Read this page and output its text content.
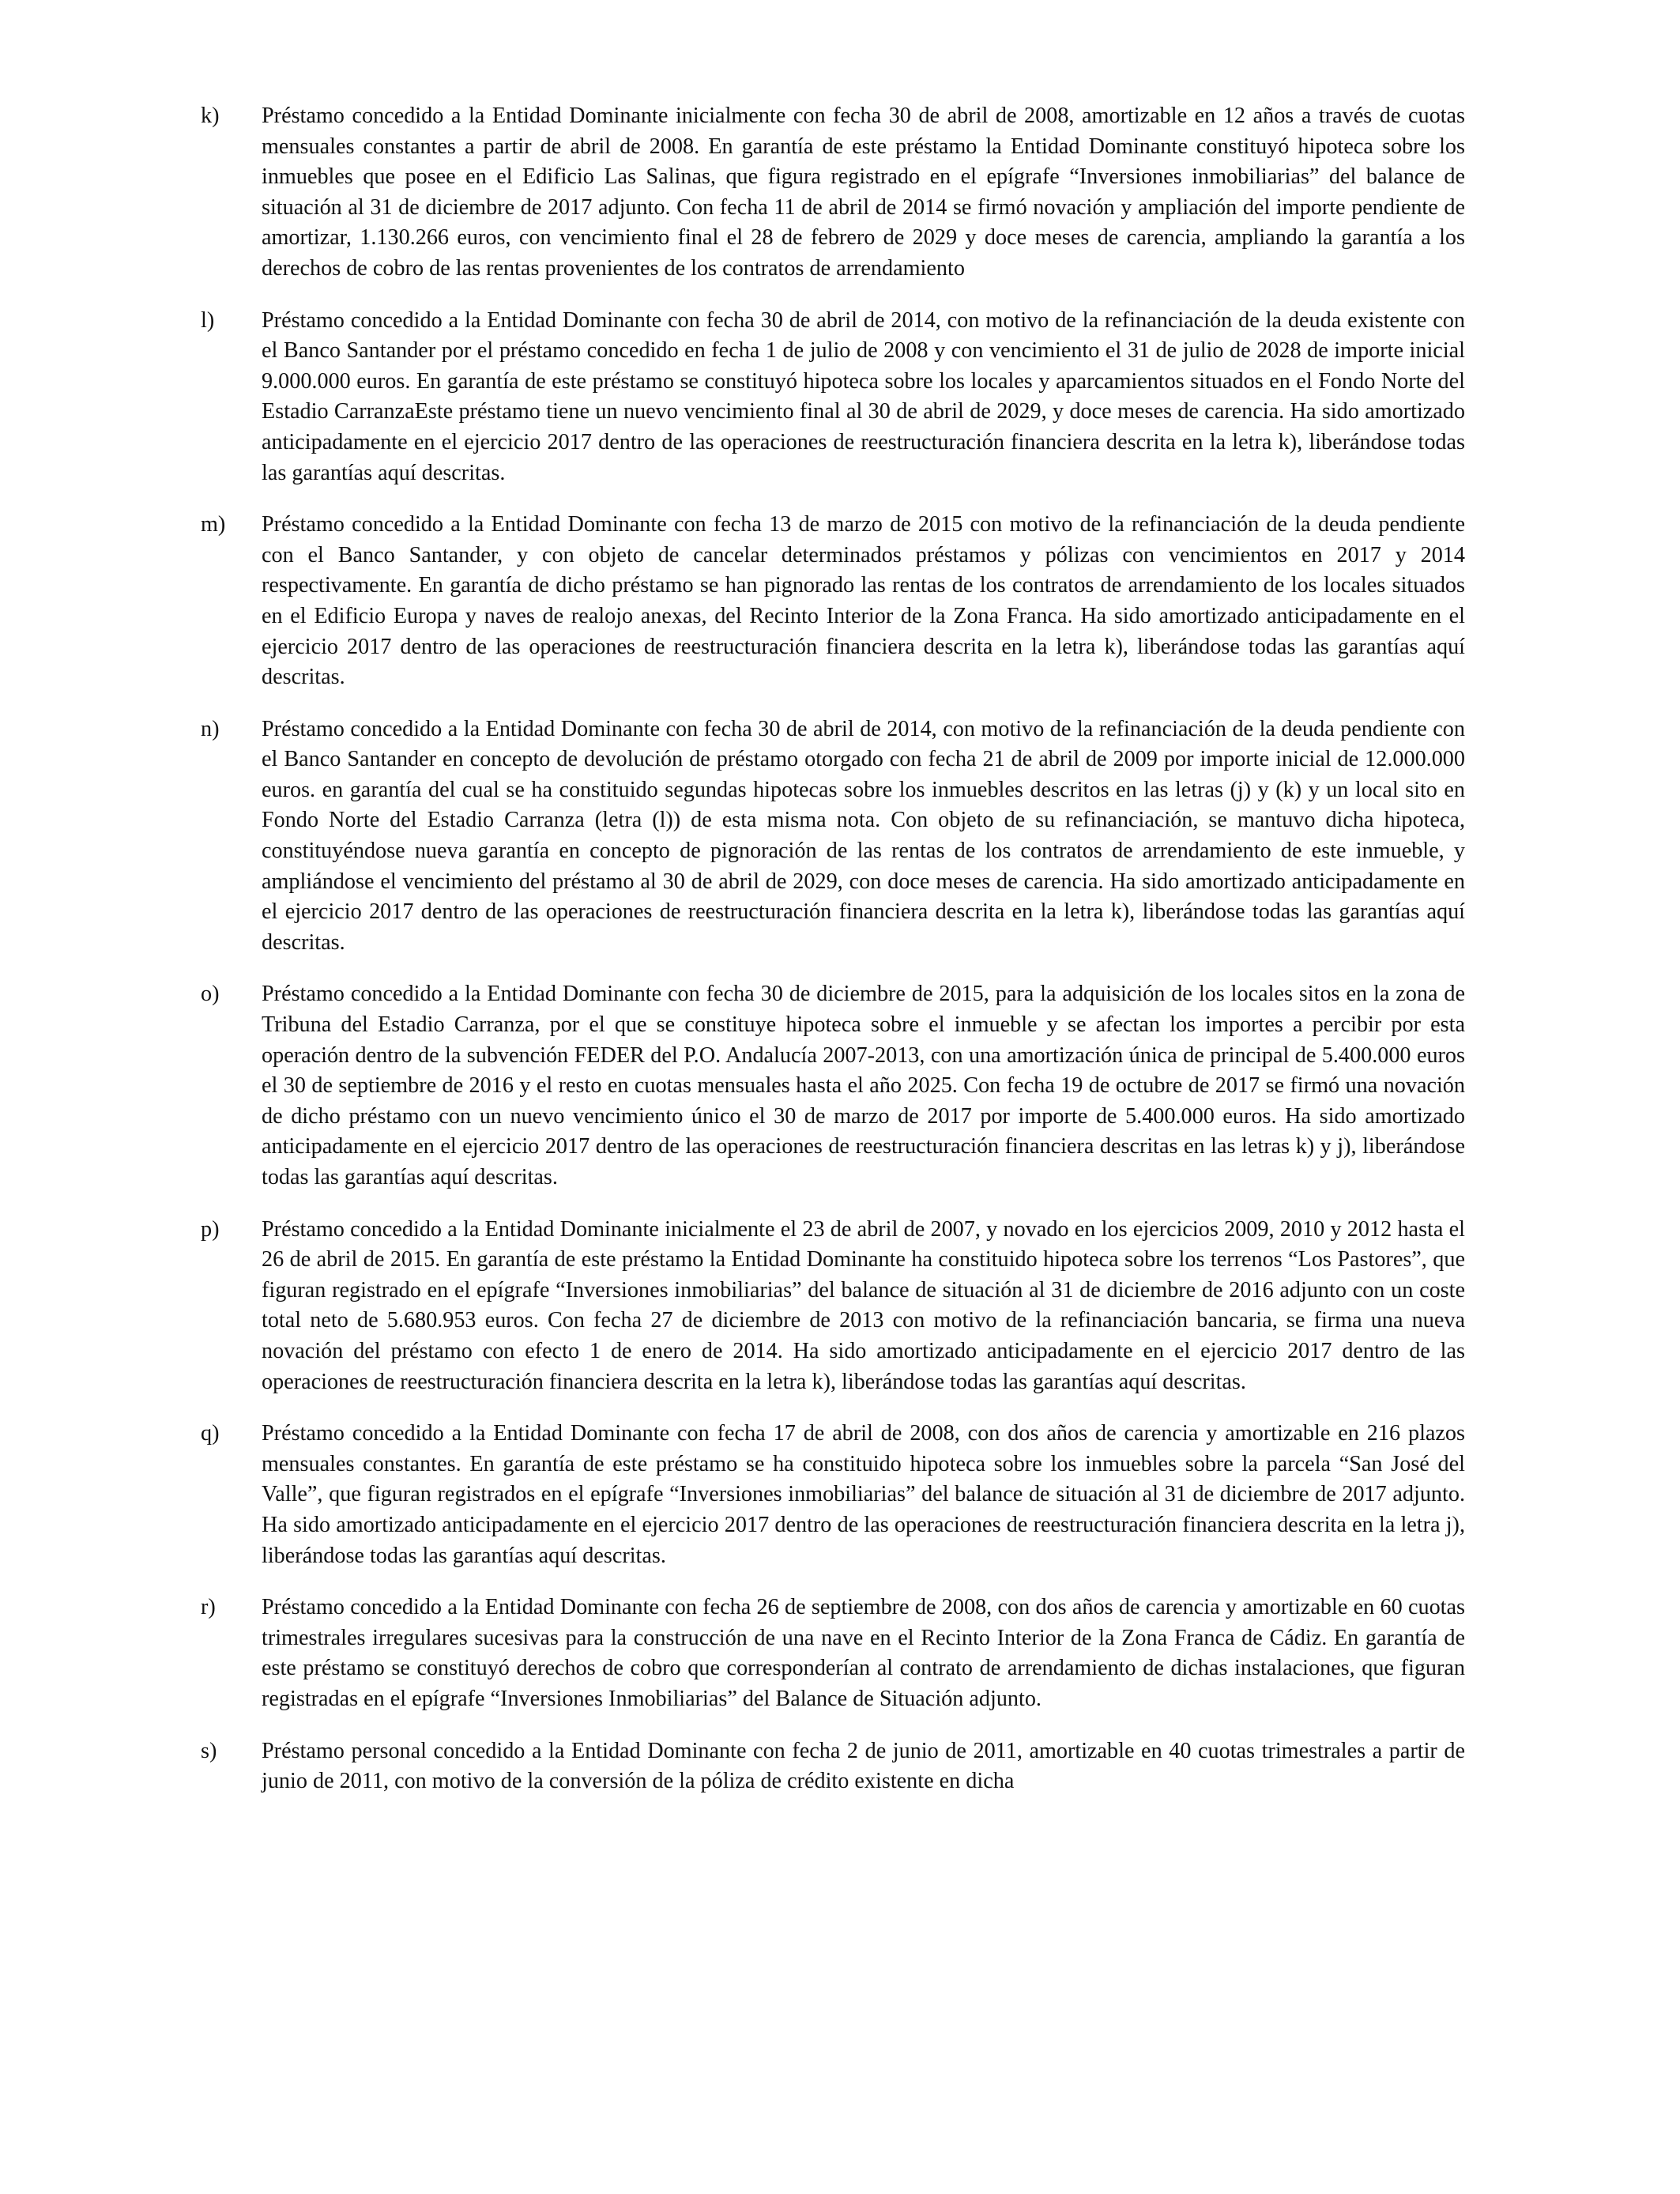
k)	Préstamo concedido a la Entidad Dominante inicialmente con fecha 30 de abril de 2008, amortizable en 12 años a través de cuotas mensuales constantes a partir de abril de 2008. En garantía de este préstamo la Entidad Dominante constituyó hipoteca sobre los inmuebles que posee en el Edificio Las Salinas, que figura registrado en el epígrafe “Inversiones inmobiliarias” del balance de situación al 31 de diciembre de 2017 adjunto. Con fecha 11 de abril de 2014 se firmó novación y ampliación del importe pendiente de amortizar, 1.130.266 euros, con vencimiento final el 28 de febrero de 2029 y doce meses de carencia, ampliando la garantía a los derechos de cobro de las rentas provenientes de los contratos de arrendamiento
l)	Préstamo concedido a la Entidad Dominante con fecha 30 de abril de 2014, con motivo de la refinanciación de la deuda existente con el Banco Santander por el préstamo concedido en fecha 1 de julio de 2008 y con vencimiento el 31 de julio de 2028 de importe inicial 9.000.000 euros. En garantía de este préstamo se constituyó hipoteca sobre los locales y aparcamientos situados en el Fondo Norte del Estadio CarranzaEste préstamo tiene un nuevo vencimiento final al 30 de abril de 2029, y doce meses de carencia. Ha sido amortizado anticipadamente en el ejercicio 2017 dentro de las operaciones de reestructuración financiera descrita en la letra k), liberándose todas las garantías aquí descritas.
m)	Préstamo concedido a la Entidad Dominante con fecha 13 de marzo de 2015 con motivo de la refinanciación de la deuda pendiente con el Banco Santander, y con objeto de cancelar determinados préstamos y pólizas con vencimientos en 2017 y 2014 respectivamente. En garantía de dicho préstamo se han pignorado las rentas de los contratos de arrendamiento de los locales situados en el Edificio Europa y naves de realojo anexas, del Recinto Interior de la Zona Franca. Ha sido amortizado anticipadamente en el ejercicio 2017 dentro de las operaciones de reestructuración financiera descrita en la letra k), liberándose todas las garantías aquí descritas.
n)	Préstamo concedido a la Entidad Dominante con fecha 30 de abril de 2014, con motivo de la refinanciación de la deuda pendiente con el Banco Santander en concepto de devolución de préstamo otorgado con fecha 21 de abril de 2009 por importe inicial de 12.000.000 euros. en garantía del cual se ha constituido segundas hipotecas sobre los inmuebles descritos en las letras (j) y (k) y un local sito en Fondo Norte del Estadio Carranza (letra (l)) de esta misma nota. Con objeto de su refinanciación, se mantuvo dicha hipoteca, constituyéndose nueva garantía en concepto de pignoración de las rentas de los contratos de arrendamiento de este inmueble, y ampliándose el vencimiento del préstamo al 30 de abril de 2029, con doce meses de carencia. Ha sido amortizado anticipadamente en el ejercicio 2017 dentro de las operaciones de reestructuración financiera descrita en la letra k), liberándose todas las garantías aquí descritas.
o)	Préstamo concedido a la Entidad Dominante con fecha 30 de diciembre de 2015, para la adquisición de los locales sitos en la zona de Tribuna del Estadio Carranza, por el que se constituye hipoteca sobre el inmueble y se afectan los importes a percibir por esta operación dentro de la subvención FEDER del P.O. Andalucía 2007-2013, con una amortización única de principal de 5.400.000 euros el 30 de septiembre de 2016 y el resto en cuotas mensuales hasta el año 2025. Con fecha 19 de octubre de 2017 se firmó una novación de dicho préstamo con un nuevo vencimiento único el 30 de marzo de 2017 por importe de 5.400.000 euros. Ha sido amortizado anticipadamente en el ejercicio 2017 dentro de las operaciones de reestructuración financiera descritas en las letras k) y j), liberándose todas las garantías aquí descritas.
p)	Préstamo concedido a la Entidad Dominante inicialmente el 23 de abril de 2007, y novado en los ejercicios 2009, 2010 y 2012 hasta el 26 de abril de 2015. En garantía de este préstamo la Entidad Dominante ha constituido hipoteca sobre los terrenos “Los Pastores”, que figuran registrado en el epígrafe “Inversiones inmobiliarias” del balance de situación al 31 de diciembre de 2016 adjunto con un coste total neto de 5.680.953 euros. Con fecha 27 de diciembre de 2013 con motivo de la refinanciación bancaria, se firma una nueva novación del préstamo con efecto 1 de enero de 2014. Ha sido amortizado anticipadamente en el ejercicio 2017 dentro de las operaciones de reestructuración financiera descrita en la letra k), liberándose todas las garantías aquí descritas.
q)	Préstamo concedido a la Entidad Dominante con fecha 17 de abril de 2008, con dos años de carencia y amortizable en 216 plazos mensuales constantes. En garantía de este préstamo se ha constituido hipoteca sobre los inmuebles sobre la parcela “San José del Valle”, que figuran registrados en el epígrafe “Inversiones inmobiliarias” del balance de situación al 31 de diciembre de 2017 adjunto. Ha sido amortizado anticipadamente en el ejercicio 2017 dentro de las operaciones de reestructuración financiera descrita en la letra j), liberándose todas las garantías aquí descritas.
r)	Préstamo concedido a la Entidad Dominante con fecha 26 de septiembre de 2008, con dos años de carencia y amortizable en 60 cuotas trimestrales irregulares sucesivas para la construcción de una nave en el Recinto Interior de la Zona Franca de Cádiz. En garantía de este préstamo se constituyó derechos de cobro que corresponderían al contrato de arrendamiento de dichas instalaciones, que figuran registradas en el epígrafe “Inversiones Inmobiliarias” del Balance de Situación adjunto.
s)	Préstamo personal concedido a la Entidad Dominante con fecha 2 de junio de 2011, amortizable en 40 cuotas trimestrales a partir de junio de 2011, con motivo de la conversión de la póliza de crédito existente en dicha
